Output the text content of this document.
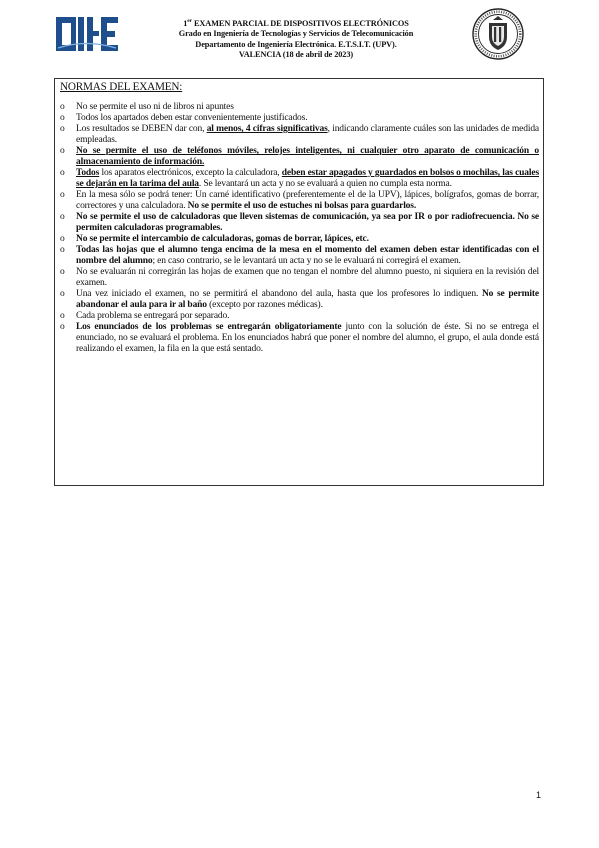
1er EXAMEN PARCIAL DE DISPOSITIVOS ELECTRÓNICOS
Grado en Ingeniería de Tecnologías y Servicios de Telecomunicación
Departamento de Ingeniería Electrónica. E.T.S.I.T. (UPV).
VALENCIA (18 de abril de 2023)
NORMAS DEL EXAMEN:
o No se permite el uso ni de libros ni apuntes
o Todos los apartados deben estar convenientemente justificados.
o Los resultados se DEBEN dar con, al menos, 4 cifras significativas, indicando claramente cuáles son las unidades de medida empleadas.
o No se permite el uso de teléfonos móviles, relojes inteligentes, ni cualquier otro aparato de comunicación o almacenamiento de información.
o Todos los aparatos electrónicos, excepto la calculadora, deben estar apagados y guardados en bolsos o mochilas, las cuales se dejarán en la tarima del aula. Se levantará un acta y no se evaluará a quien no cumpla esta norma.
o En la mesa sólo se podrá tener: Un carné identificativo (preferentemente el de la UPV), lápices, bolígrafos, gomas de borrar, correctores y una calculadora. No se permite el uso de estuches ni bolsas para guardarlos.
o No se permite el uso de calculadoras que lleven sistemas de comunicación, ya sea por IR o por radiofrecuencia. No se permiten calculadoras programables.
o No se permite el intercambio de calculadoras, gomas de borrar, lápices, etc.
o Todas las hojas que el alumno tenga encima de la mesa en el momento del examen deben estar identificadas con el nombre del alumno; en caso contrario, se le levantará un acta y no se le evaluará ni corregirá el examen.
o No se evaluarán ni corregirán las hojas de examen que no tengan el nombre del alumno puesto, ni siquiera en la revisión del examen.
o Una vez iniciado el examen, no se permitirá el abandono del aula, hasta que los profesores lo indiquen. No se permite abandonar el aula para ir al baño (excepto por razones médicas).
o Cada problema se entregará por separado.
o Los enunciados de los problemas se entregarán obligatoriamente junto con la solución de éste. Si no se entrega el enunciado, no se evaluará el problema. En los enunciados habrá que poner el nombre del alumno, el grupo, el aula donde está realizando el examen, la fila en la que está sentado.
1
